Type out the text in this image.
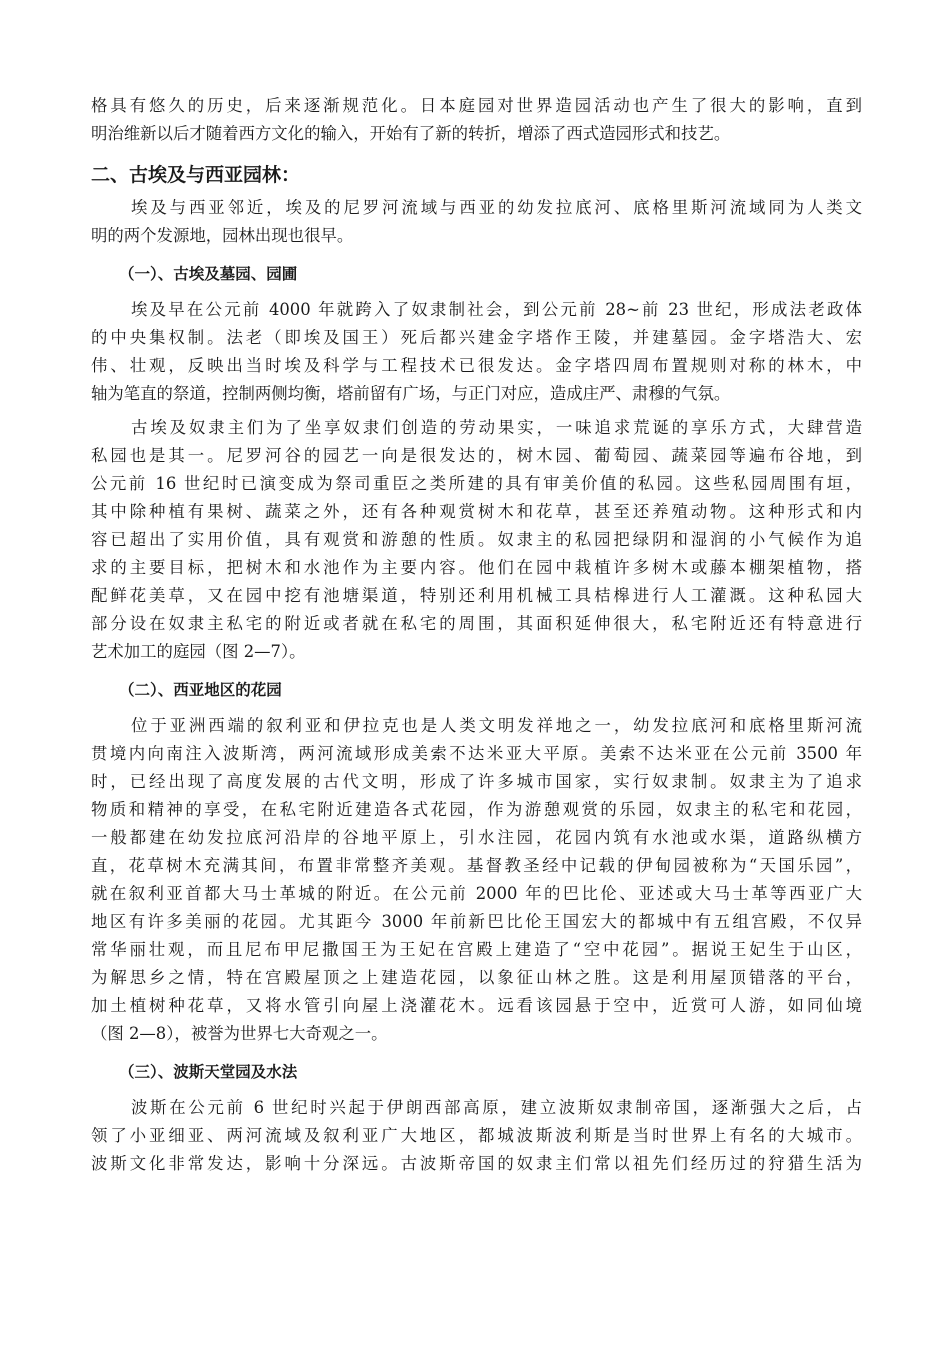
格具有悠久的历史，后来逐渐规范化。日本庭园对世界造园活动也产生了很大的影响，直到
明治维新以后才随着西方文化的输入，开始有了新的转折，增添了西式造园形式和技艺。
二、古埃及与西亚园林：
埃及与西亚邻近，埃及的尼罗河流域与西亚的幼发拉底河、底格里斯河流域同为人类文
明的两个发源地，园林出现也很早。
（一）、古埃及墓园、园圃
埃及早在公元前 4000 年就跨入了奴隶制社会，到公元前 28~前 23 世纪，形成法老政体
的中央集权制。法老（即埃及国王）死后都兴建金字塔作王陵，并建墓园。金字塔浩大、宏
伟、壮观，反映出当时埃及科学与工程技术已很发达。金字塔四周布置规则对称的林木，中
轴为笔直的祭道，控制两侧均衡，塔前留有广场，与正门对应，造成庄严、肃穆的气氛。
古埃及奴隶主们为了坐享奴隶们创造的劳动果实，一味追求荒诞的享乐方式，大肆营造
私园也是其一。尼罗河谷的园艺一向是很发达的，树木园、葡萄园、蔬菜园等遍布谷地，到
公元前 16 世纪时已演变成为祭司重臣之类所建的具有审美价值的私园。这些私园周围有垣，
其中除种植有果树、蔬菜之外，还有各种观赏树木和花草，甚至还养殖动物。这种形式和内
容已超出了实用价值，具有观赏和游憩的性质。奴隶主的私园把绿阴和湿润的小气候作为追
求的主要目标，把树木和水池作为主要内容。他们在园中栽植许多树木或藤本棚架植物，搭
配鲜花美草，又在园中挖有池塘渠道，特别还利用机械工具桔槔进行人工灌溉。这种私园大
部分设在奴隶主私宅的附近或者就在私宅的周围，其面积延伸很大，私宅附近还有特意进行
艺术加工的庭园（图 2—7）。
（二）、西亚地区的花园
位于亚洲西端的叙利亚和伊拉克也是人类文明发祥地之一，幼发拉底河和底格里斯河流
贯境内向南注入波斯湾，两河流域形成美索不达米亚大平原。美索不达米亚在公元前 3500 年
时，已经出现了高度发展的古代文明，形成了许多城市国家，实行奴隶制。奴隶主为了追求
物质和精神的享受，在私宅附近建造各式花园，作为游憩观赏的乐园，奴隶主的私宅和花园，
一般都建在幼发拉底河沿岸的谷地平原上，引水注园，花园内筑有水池或水渠，道路纵横方
直，花草树木充满其间，布置非常整齐美观。基督教圣经中记载的伊甸园被称为“天国乐园”，
就在叙利亚首都大马士革城的附近。在公元前 2000 年的巴比伦、亚述或大马士革等西亚广大
地区有许多美丽的花园。尤其距今 3000 年前新巴比伦王国宏大的都城中有五组宫殿，不仅异
常华丽壮观，而且尼布甲尼撒国王为王妃在宫殿上建造了“空中花园”。据说王妃生于山区，
为解思乡之情，特在宫殿屋顶之上建造花园，以象征山林之胜。这是利用屋顶错落的平台，
加土植树种花草，又将水管引向屋上浇灌花木。远看该园悬于空中，近赏可人游，如同仙境
（图 2—8），被誉为世界七大奇观之一。
（三）、波斯天堂园及水法
波斯在公元前 6 世纪时兴起于伊朗西部高原，建立波斯奴隶制帝国，逐渐强大之后，占
领了小亚细亚、两河流域及叙利亚广大地区，都城波斯波利斯是当时世界上有名的大城市。
波斯文化非常发达，影响十分深远。古波斯帝国的奴隶主们常以祖先们经历过的狩猎生活为
